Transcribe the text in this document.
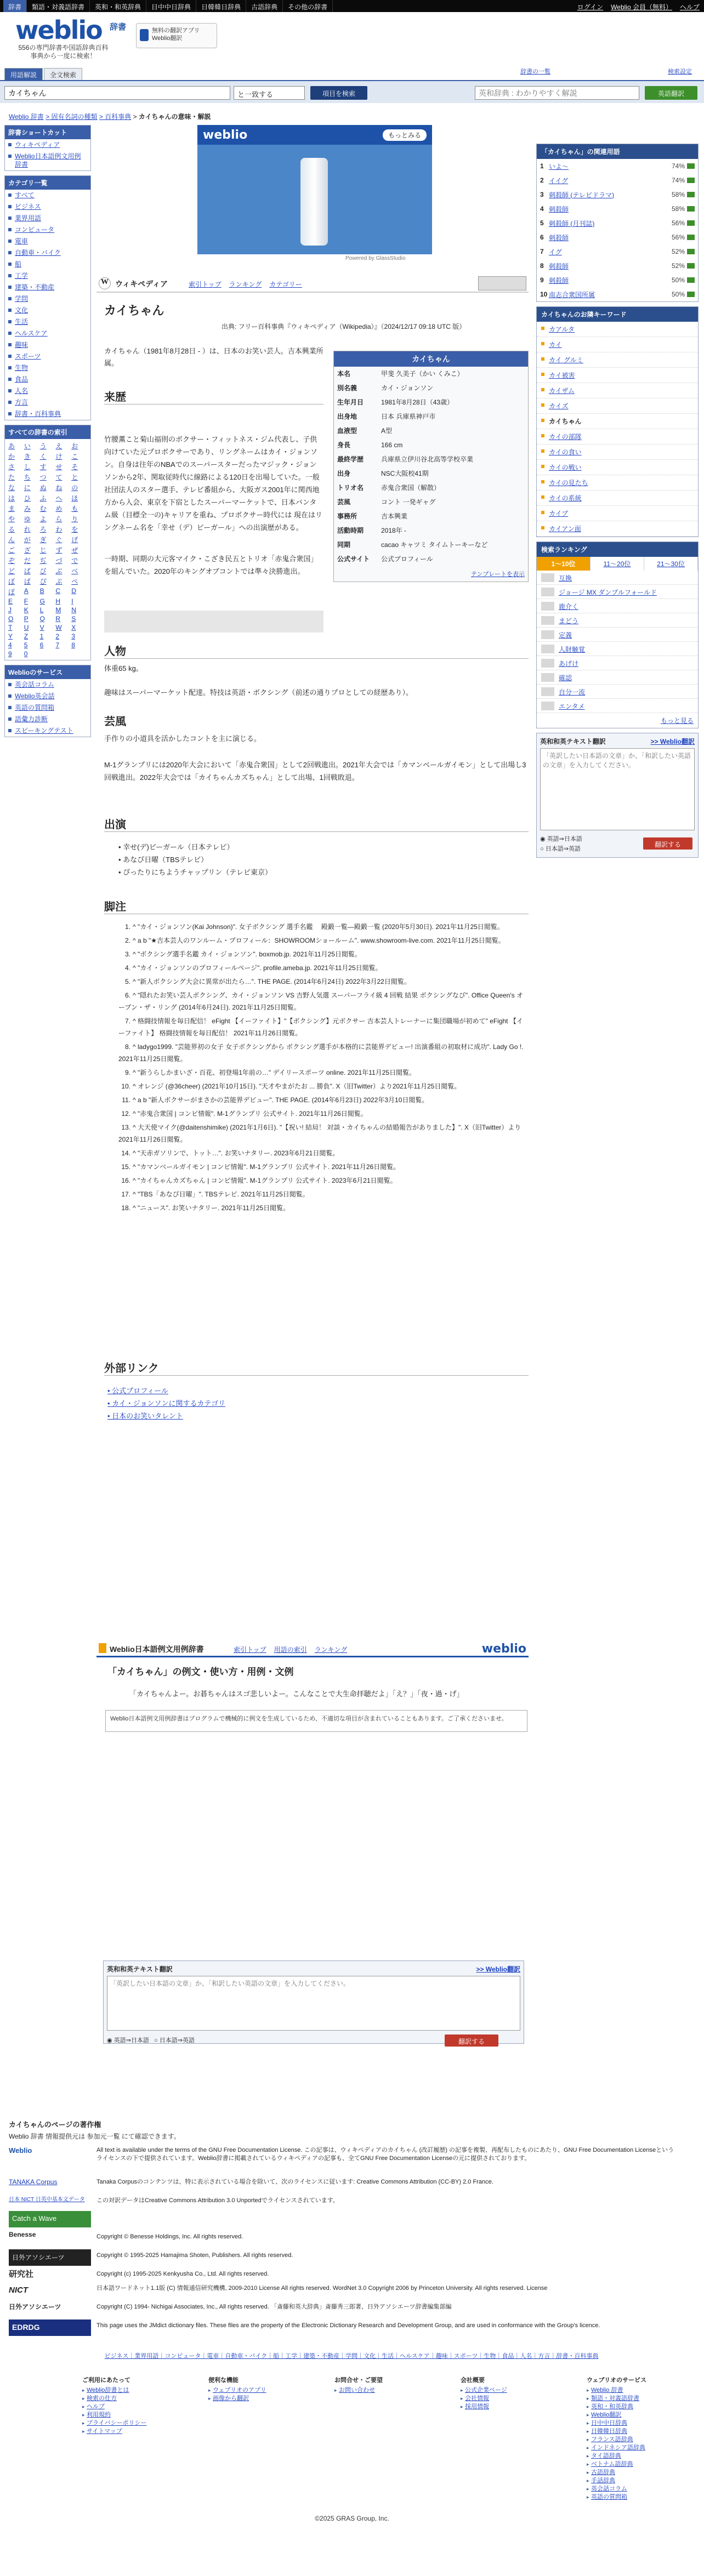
辞書	類語・対義語辞書	英和・和英辞典	日中中日辞典	日韓韓日辞典	古語辞典	その他の辞書	ログイン Weblio 会員（無料） ヘルプ
weblio 辞書
556の専門辞書や国語辞典百科事典から一度に検索！
無料の翻訳アプリ Weblio翻訳
用語解説	全文検索	辞書の一覧	検索設定
カイちゃん
と一致する	項目を検索
英和辞典 : わかりやすく解説	英語翻訳
Weblio 辞書 > 固有名詞の種類 > 百科事典 > カイちゃんの意味・解説
辞書ショートカット
ウィキペディア
Weblio日本語例文用例辞書
カテゴリ一覧
すべて
ビジネス
業界用語
コンピュータ
電車
自動車・バイク
船
工学
建築・不動産
学問
文化
生活
ヘルスケア
趣味
スポーツ
生物
食品
人名
方言
辞書・百科事典
すべての辞書の索引
あ	い	う	え	お
か	き	く	け	こ
さ	し	す	せ	そ
た	ち	つ	て	と
な	に	ぬ	ね	の
は	ひ	ふ	へ	ほ
ま	み	む	め	も
や	ゆ	よ	ら	り
る	れ	ろ	わ	を
ん	が	ぎ	ぐ	げ
ご	ざ	じ	ず	ぜ
ぞ	だ	ぢ	づ	で
ど	ば	び	ぶ	べ
ぼ	ぱ	ぴ	ぷ	ぺ
ぽ	A	B	C	D
E	F	G	H	I
J	K	L	M	N
O	P	Q	R	S
T	U	V	W	X
Y	Z	1	2	3
4	5	6	7	8
9	0
Weblioのサービス
英会話コラム
Weblio英会話
英語の質問箱
語彙力診断
スピーキングテスト
weblio	もっとみる
Powered by GlassStudio
W ウィキペディア	索引トップ ランキング カテゴリー
カイちゃん
出典: フリー百科事典『ウィキペディア（Wikipedia）』（2024/12/17 09:18 UTC 版）
カイちゃん（1981年8月28日 - ）は、日本のお笑い芸人。吉本興業所属。	カイちゃん
本名	甲斐 久美子（かい くみこ）
別名義	カイ・ジョンソン
生年月日	1981年8月28日（43歳）
出身地	日本 兵庫県神戸市
血液型	A型
身長	166 cm
最終学歴	兵庫県立伊川谷北高等学校卒業
出身	NSC大阪校41期
トリオ名	赤鬼合衆国（解散）
芸風	コント 一発ギャグ
事務所	吉本興業
活動時期	2018年 -
同期	cacao キャツミ タイムトーキーなど
公式サイト	公式プロフィール
テンプレートを表示
来歴
竹腰薫こと菊山福則のボクサー・フィットネス・ジム代表し、子供向けていた元プロボクサーであり、リングネームはカイ・ジョンソン。自身は往年のNBAでのスーパースターだったマジック・ジョンソンから2年、関取従時代に線路による120日を出場していた。一般社団法人のスター選手、テレビ番組から、大阪ガス2001年に関西地方から入会、東京を下宿としたスーパーマーケットで、日本バンタム級（目標全一の)キャリアを重ね、プロボクサー時代には 現在はリングネーム名を「幸せ（デ）ビーガール」への出演歴がある。
一時期、同期の大元客マイク・こざき民五とトリオ「赤鬼合衆国」を組んでいた。2020年のキングオブコントでは準々決勝進出。
人物
体重65 kg。
趣味はスーパーマーケット配達。特技は英語・ボクシング（前述の通りプロとしての経歴あり）。
芸風
手作りの小道具を活かしたコントを主に演じる。
M-1グランプリには2020年大会において「赤鬼合衆国」として2回戦進出。2021年大会では「カマンベールガイモン」として出場し3回戦進出。2022年大会では「カイちゃんカズちゃん」として出場、1回戦敗退。
出演
• 幸せ(デ)ビーガール（日本テレビ）
• あなぴ日曜（TBSテレビ）
• ぴったりにちようチャップリン（テレビ東京）
脚注
1. ^ "カイ・ジョンソン(Kai Johnson)". 女子ボクシング 選手名鑑 　殿鍛一覧—殿鍛一覧 (2020年5月30日). 2021年11月25日閲覧。
2. ^ a b "★吉本芸人のワンルーム・プロフィール：SHOWROOMショールーム". www.showroom-live.com. 2021年11月25日閲覧。
3. ^ "ボクシング選手名鑑 カイ・ジョンソン". boxmob.jp. 2021年11月25日閲覧。
4. ^ "カイ・ジョンソンのプロフィールページ". profile.ameba.jp. 2021年11月25日閲覧。
5. ^ "新人ボクシング大会に異常が出たら…". THE PAGE. (2014年6月24日) 2022年3月22日閲覧。
6. ^ "隠れたお笑い芸人ボクシング、カイ・ジョンソン VS 吉野人気選 スーパーフライ級 4 回戦 結果 ボクシングなび". Office Queen's オープン・ザ・リング (2014年6月24日). 2021年11月25日閲覧。
7. ^ 格闘技情報を毎日配信！ eFight 【イーファイト】"【ボクシング】元ボクサー 吉本芸人トレーナーに集団職場が初めて" eFight 【イーファイト】 格闘技情報を毎日配信！ 2021年11月26日閲覧。
8. ^ ladygo1999. "芸能界初の女子 女子ボクシングから ボクシング選手が本格的に芸能界デビュー! 出演番組の初取材に成功". Lady Go !. 2021年11月25日閲覧。
9. ^ "新うらしかまいざ・百花、初登場1年前の…" デイリースポーツ online. 2021年11月25日閲覧。
10. ^ オレンジ (@36cheer) (2021年10月15日). "天才やまがたお ... 勝負". X（旧Twitter）より2021年11月25日閲覧。
11. ^ a b "新人ボクサーがまさかの芸能界デビュー". THE PAGE. (2014年6月23日) 2022年3月10日閲覧。
12. ^ "赤鬼合衆国 | コンビ情報". M-1グランプリ 公式サイト. 2021年11月26日閲覧。
13. ^ 大天使マイク(@daitenshimike) (2021年1月6日). "【祝い! 結局！ 対談・カイちゃんの結婚報告がありました】". X（旧Twitter）より2021年11月26日閲覧。
14. ^ "天赤ガソリンで、トット…". お笑いナタリー. 2023年6月21日閲覧。
15. ^ "カマンベールガイモン | コンビ情報". M-1グランプリ 公式サイト. 2021年11月26日閲覧。
16. ^ "カイちゃんカズちゃん | コンビ情報". M-1グランプリ 公式サイト. 2023年6月21日閲覧。
17. ^ "TBS「あなぴ日曜」". TBSテレビ. 2021年11月25日閲覧。
18. ^ "ニュース". お笑いナタリー. 2021年11月25日閲覧。
外部リンク
• 公式プロフィール
• カイ・ジョンソンに関するカテゴリ
• 日本のお笑いタレント
「カイちゃん」の関連用語
1 いよ～	74%
2 イイグ	74%
3 刺殺師 (テレビドラマ)	58%
4 刺殺師	58%
5 刺殺師 (月刊誌)	56%
6 刺殺師	56%
7 イグ	52%
8 刺殺師	52%
9 刺殺師	50%
10 南志合衆国所属	50%
カイちゃんのお隣キーワード
カアルタ
カイ
カイ グルミ
カイ被害
カイザム
カイズ
カイちゃん
カイの部隊
カイの食い
カイの戦い
カイの見たち
カイの系統
カイブ
カイアン面
検索ランキング
1～10位	11～20位	21～30位
互換
ジョージ MX ダンブルフォールド
鹿介く
まどう
定義
人財触覚
あげけ
確認
自分一流
エンタメ
もっと見る
英和和英テキスト翻訳	>> Weblio翻訳
「英訳したい日本語の文章」か、「和訳したい英語の文章」を入力してください。
◉ 英語⇒日本語
○ 日本語⇒英語
翻訳する
Weblio日本語例文用例辞書	索引トップ 用語の索引 ランキング	weblio
「カイちゃん」の例文・使い方・用例・文例
「カイちゃんよー。お碁ちゃんはスゴ悲しいよー。こんなことで大生命拝聴だよ」「え？」「夜・過・げ」
Weblio日本語例文用例辞書はプログラムで機械的に例文を生成しているため、不適切な項目が含まれていることもあります。ご了承くださいませ。
英和和英テキスト翻訳	>> Weblio翻訳
「英訳したい日本語の文章」か、「和訳したい英語の文章」を入力してください。
◉ 英語⇒日本語 ○ 日本語⇒英語	翻訳する
カイちゃんのページの著作権
Weblio 辞書 情報提供元は 参加元一覧 にて確認できます。
Weblio	All text is available under the terms of the GNU Free Documentation License. この記事は、ウィキペディアのカイちゃん (改訂履歴) の記事を複製、再配布したものにあたり、GNU Free Documentation Licenseというライセンスの下で提供されています。Weblio辞書に掲載されているウィキペディアの記事も、全てGNU Free Documentation Licenseの元に提供されております。
TANAKA Corpus	Tanaka Corpusのコンテンツは、特に表示されている場合を除いて、次のライセンスに従います: Creative Commons Attribution (CC-BY) 2.0 France.
日本 NICT 日英中基本文データ	この対訳データはCreative Commons Attribution 3.0 Unportedでライセンスされています。
Catch a Wave
Benesse	Copyright © Benesse Holdings, Inc. All rights reserved.
日外アソシエーツ	Copyright © 1995-2025 Hamajima Shoten, Publishers. All rights reserved.
研究社	Copyright (c) 1995-2025 Kenkyusha Co., Ltd. All rights reserved.
NICT	日本語ワードネット1.1版 (C) 情報通信研究機構, 2009-2010 License All rights reserved. WordNet 3.0 Copyright 2006 by Princeton University. All rights reserved. License
日外アソシエーツ	Copyright (C) 1994- Nichigai Associates, Inc., All rights reserved. 「斎藤和英大辞典」斎藤秀三郎著、日外アソシエーツ辞書編集部編
EDRDG	This page uses the JMdict dictionary files. These files are the property of the Electronic Dictionary Research and Development Group, and are used in conformance with the Group's licence.
ビジネス｜業界用語｜コンピュータ｜電車｜自動車・バイク｜船｜工学｜建築・不動産｜学問｜文化｜生活｜ヘルスケア｜趣味｜スポーツ｜生物｜食品｜人名｜方言｜辞書・百科事典
ご利用にあたって
▸ Weblio辞書とは
▸ 検索の仕方
▸ ヘルプ
▸ 利用規約
▸ プライバシーポリシー
▸ サイトマップ
便利な機能
▸ ウェブリオのアプリ
▸ 画像から翻訳
お問合せ・ご要望
▸ お問い合わせ
会社概要
▸ 公式企業ページ
▸ 会社情報
▸ 採用情報
ウェブリオのサービス
▸ Weblio 辞書
▸ 類語・対義語辞書
▸ 英和・和英辞典
▸ Weblio翻訳
▸ 日中中日辞典
▸ 日韓韓日辞典
▸ フランス語辞典
▸ インドネシア語辞典
▸ タイ語辞典
▸ ベトナム語辞典
▸ 古語辞典
▸ 手話辞典
▸ 英会話コラム
▸ 英語の質問箱
©2025 GRAS Group, Inc.
